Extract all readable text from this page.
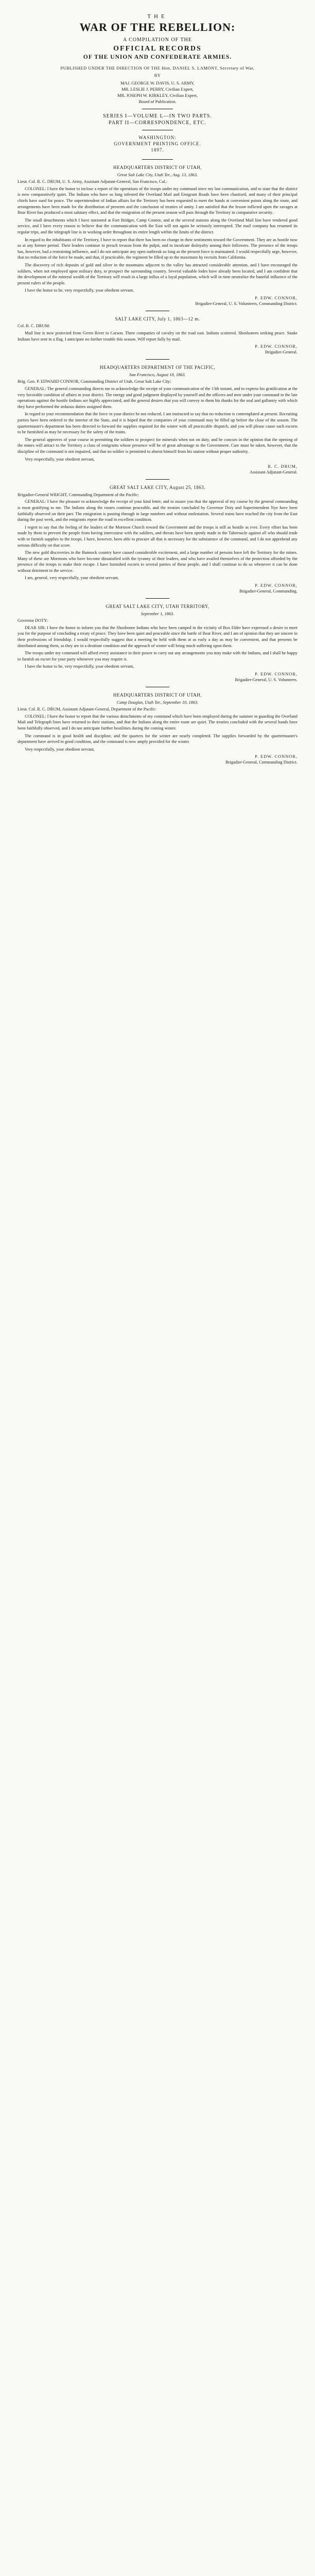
THE
WAR OF THE REBELLION:
A COMPILATION OF THE
OFFICIAL RECORDS
OF THE UNION AND CONFEDERATE ARMIES.
PUBLISHED UNDER THE DIRECTION OF THE Hon. DANIEL S. LAMONT, Secretary of War,
BY
MAJ. GEORGE W. DAVIS, U. S. ARMY,
MR. LESLIE J. PERRY, Civilian Expert,
MR. JOSEPH W. KIRKLEY, Civilian Expert,
Board of Publication.
SERIES I—VOLUME L—IN TWO PARTS.
PART II—CORRESPONDENCE, ETC.
WASHINGTON:
GOVERNMENT PRINTING OFFICE.
1897.
HEADQUARTERS DISTRICT OF UTAH,
Great Salt Lake City, Utah Ter., Aug. 13, 1863.
Lieut. Col. R. C. DRUM, U. S. Army, Assistant Adjutant-General, San Francisco, Cal.:

COLONEL: I have the honor to inclose a report of the operations of the troops under my command since my last communication, and to state that the district is now comparatively quiet. The Indians who have so long infested the Overland Mail and Emigrant Roads have been chastised, and many of their principal chiefs have sued for peace. The superintendent of Indian affairs for the Territory has been requested to meet the bands at convenient points along the route, and arrangements have been made for the distribution of presents and the conclusion of treaties of amity. I am satisfied that the lesson inflicted upon the savages at Bear River has produced a most salutary effect, and that the emigration of the present season will pass through the Territory in comparative security.

The small detachments which I have stationed at Fort Bridger, Camp Connor, and at the several stations along the Overland Mail line have rendered good service, and I have every reason to believe that the communication with the East will not again be seriously interrupted. The mail company has resumed its regular trips, and the telegraph line is in working order throughout its entire length within the limits of the district.

In regard to the inhabitants of the Territory, I have to report that there has been no change in their sentiments toward the Government. They are as hostile now as at any former period. Their leaders continue to preach treason from the pulpit, and to inculcate disloyalty among their followers. The presence of the troops has, however, had a restraining influence, and I do not anticipate any open outbreak so long as the present force is maintained. I would respectfully urge, however, that no reduction of the force be made, and that, if practicable, the regiment be filled up to the maximum by recruits from California.

The discovery of rich deposits of gold and silver in the mountains adjacent to the valley has attracted considerable attention, and I have encouraged the soldiers, when not employed upon military duty, to prospect the surrounding country. Several valuable lodes have already been located, and I am confident that the development of the mineral wealth of the Territory will result in a large influx of a loyal population, which will in time neutralize the baneful influence of the present rulers of the people.

I have the honor to be, very respectfully, your obedient servant,

P. EDW. CONNOR,
Brigadier-General, U. S. Volunteers, Commanding District.
SALT LAKE CITY, July 1, 1863—12 m.
Col. R. C. DRUM:

Mail line is now protected from Green River to Carson. Three companies of cavalry on the road east. Indians scattered. Shoshonees seeking peace. Snake Indians have sent in a flag. I anticipate no further trouble this season. Will report fully by mail.

P. EDW. CONNOR,
Brigadier-General.
HEADQUARTERS DEPARTMENT OF THE PACIFIC,
San Francisco, August 18, 1863.
Brig. Gen. P. EDWARD CONNOR, Commanding District of Utah, Great Salt Lake City:

GENERAL: The general commanding directs me to acknowledge the receipt of your communication of the 13th instant, and to express his gratification at the very favorable condition of affairs in your district. The energy and good judgment displayed by yourself and the officers and men under your command in the late operations against the hostile Indians are highly appreciated, and the general desires that you will convey to them his thanks for the zeal and gallantry with which they have performed the arduous duties assigned them.

In regard to your recommendation that the force in your district be not reduced, I am instructed to say that no reduction is contemplated at present. Recruiting parties have been ordered to the interior of the State, and it is hoped that the companies of your command may be filled up before the close of the season. The quartermaster's department has been directed to forward the supplies required for the winter with all practicable dispatch, and you will please cause such escorts to be furnished as may be necessary for the safety of the trains.

The general approves of your course in permitting the soldiers to prospect for minerals when not on duty, and he concurs in the opinion that the opening of the mines will attract to the Territory a class of emigrants whose presence will be of great advantage to the Government. Care must be taken, however, that the discipline of the command is not impaired, and that no soldier is permitted to absent himself from his station without proper authority.

Very respectfully, your obedient servant,

R. C. DRUM,
Assistant Adjutant-General.
GREAT SALT LAKE CITY, August 25, 1863.
Brigadier-General WRIGHT, Commanding Department of the Pacific:

GENERAL: I have the pleasure to acknowledge the receipt of your kind letter, and to assure you that the approval of my course by the general commanding is most gratifying to me. The Indians along the routes continue peaceable, and the treaties concluded by Governor Doty and Superintendent Nye have been faithfully observed on their part. The emigration is passing through in large numbers and without molestation. Several trains have reached the city from the East during the past week, and the emigrants report the road in excellent condition.

I regret to say that the feeling of the leaders of the Mormon Church toward the Government and the troops is still as hostile as ever. Every effort has been made by them to prevent the people from having intercourse with the soldiers, and threats have been openly made in the Tabernacle against all who should trade with or furnish supplies to the troops. I have, however, been able to procure all that is necessary for the subsistence of the command, and I do not apprehend any serious difficulty on that score.

The new gold discoveries in the Bannock country have caused considerable excitement, and a large number of persons have left the Territory for the mines. Many of these are Mormons who have become dissatisfied with the tyranny of their leaders, and who have availed themselves of the protection afforded by the presence of the troops to make their escape. I have furnished escorts to several parties of these people, and I shall continue to do so whenever it can be done without detriment to the service.

I am, general, very respectfully, your obedient servant,

P. EDW. CONNOR,
Brigadier-General, Commanding.
GREAT SALT LAKE CITY, UTAH TERRITORY,
September 1, 1863.
Governor DOTY:

DEAR SIR: I have the honor to inform you that the Shoshonee Indians who have been camped in the vicinity of Box Elder have expressed a desire to meet you for the purpose of concluding a treaty of peace. They have been quiet and peaceable since the battle of Bear River, and I am of opinion that they are sincere in their professions of friendship. I would respectfully suggest that a meeting be held with them at as early a day as may be convenient, and that presents be distributed among them, as they are in a destitute condition and the approach of winter will bring much suffering upon them.

The troops under my command will afford every assistance in their power to carry out any arrangements you may make with the Indians, and I shall be happy to furnish an escort for your party whenever you may require it.

I have the honor to be, very respectfully, your obedient servant,

P. EDW. CONNOR,
Brigadier-General, U. S. Volunteers.
HEADQUARTERS DISTRICT OF UTAH,
Camp Douglas, Utah Ter., September 10, 1863.
Lieut. Col. R. C. DRUM, Assistant Adjutant-General, Department of the Pacific:

COLONEL: I have the honor to report that the various detachments of my command which have been employed during the summer in guarding the Overland Mail and Telegraph lines have returned to their stations, and that the Indians along the entire route are quiet. The treaties concluded with the several bands have been faithfully observed, and I do not anticipate further hostilities during the coming winter.

The command is in good health and discipline, and the quarters for the winter are nearly completed. The supplies forwarded by the quartermaster's department have arrived in good condition, and the command is now amply provided for the winter.

Very respectfully, your obedient servant,

P. EDW. CONNOR,
Brigadier-General, Commanding District.
